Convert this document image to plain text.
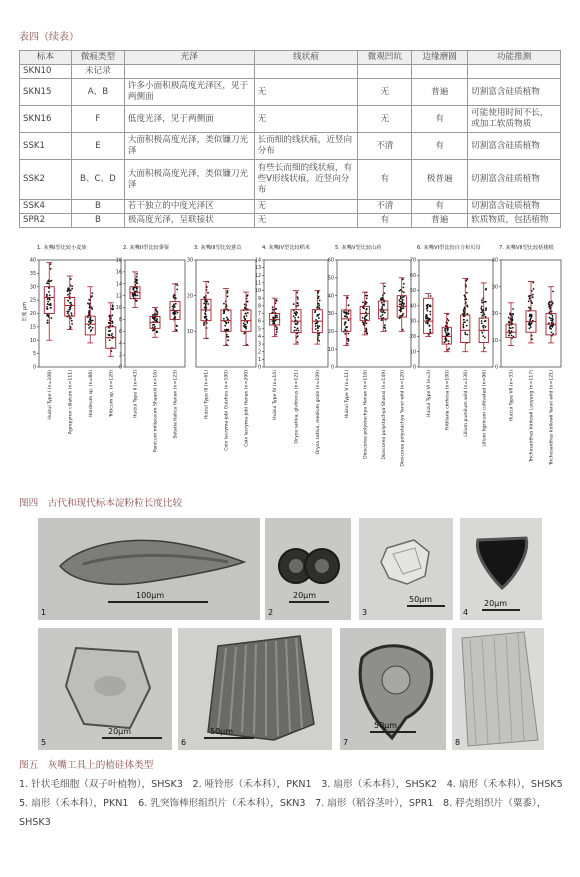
表四（续表）
标本	微痕类型	光泽	线状痕	微观凹坑	边缘磨圆	功能推测
SKN10	未记录					
SKN15	A、B	许多小面积极高度光泽区，见于两侧面	无	无	普遍	切割富含硅质植物
SKN16	F	低度光泽，见于两侧面	无	无	有	可能使用时间不长，或加工软质物质
SSK1	E	大面积极高度光泽，类似镰刀光泽	长而细的线状痕，近竖向分布	不清	有	切割富含硅质植物
SSK2	B、C、D	大面积极高度光泽，类似镰刀光泽	有些长而细的线状痕，有些V形线状痕，近竖向分布	有	极普遍	切割富含硅质植物
SSK4	B	若干独立的中度光泽区	无	不清	有	切割富含硅质植物
SPR2	B	极高度光泽，呈联接状	无	有	普遍	软质物质，包括植物
1. 灰嘴I型比较小麦族
0
5
10
15
20
25
30
35
40
长度 μm
Huizui Type I (n=108)	Agropyron ciliatum (n=111)	Hordeum sp. (n=88)	Triticum sp. (n=120)
2. 灰嘴II型比较黍粟
0
2
4
6
8
10
12
14
16
18
Huizui Type II (n=43)	Panicum miliaceum Shaanxi (n=16)	Setaria italica Henan (n=123)
3. 灰嘴III型比较薏苡
10
20
30
Huizui Type III (n=61)	Coix lacryma-jobi Guizhou (n=100)	Coix lacryma-jobi Henan (n=200)
4. 灰嘴IV型比较稻米
0
1
2
3
4
5
6
7
8
9
10
11
12
13
14
Huizui Type IV (n=14)	Oryza sativa, glutinous (n=121)	Oryza sativa, medium grain (n=109)
5. 灰嘴V型比较山药
0
10
20
30
40
50
60
Huizui Type V (n=11)	Dioscorea polystachya Henan (n=116)	Dioscorea polystachya Shanxi (n=149)	Dioscorea polystachya Yanxi wild (n=120)
6. 灰嘴VI型比较百合和贝母
0
10
20
30
40
50
60
70
Huizui Type VI (n=3)	Fritillaria cirrhosa (n=100)	Lilium pumilum wild (n=136)	Lilium tigrinum cultivated (n=96)
7. 灰嘴VII型比较栝楼根
0
10
20
30
40
Huizui Type VII (n=33)	Trichosanthes kirilowii Luoyang (n=117)	Trichosanthes kirilowii Yanxi wild (n=121)
图四　古代和现代标本淀粉粒长度比较
1
100μm
2
20μm
3
50μm
4
20μm
5
20μm
6
50μm
7
50μm
8
图五　灰嘴工具上的植硅体类型
1. 针状毛细胞（双子叶植物），SHSK3　2. 哑铃形（禾本科），PKN1　3. 扇形（禾本科），SHSK2　4. 扇形（禾本科），SHSK5　5. 扇形（禾本科），PKN1　6. 乳突饰棒形组织片（禾本科），SKN3　7. 扇形（稻谷茎叶），SPR1　8. 稃壳组织片（粟黍），SHSK3
